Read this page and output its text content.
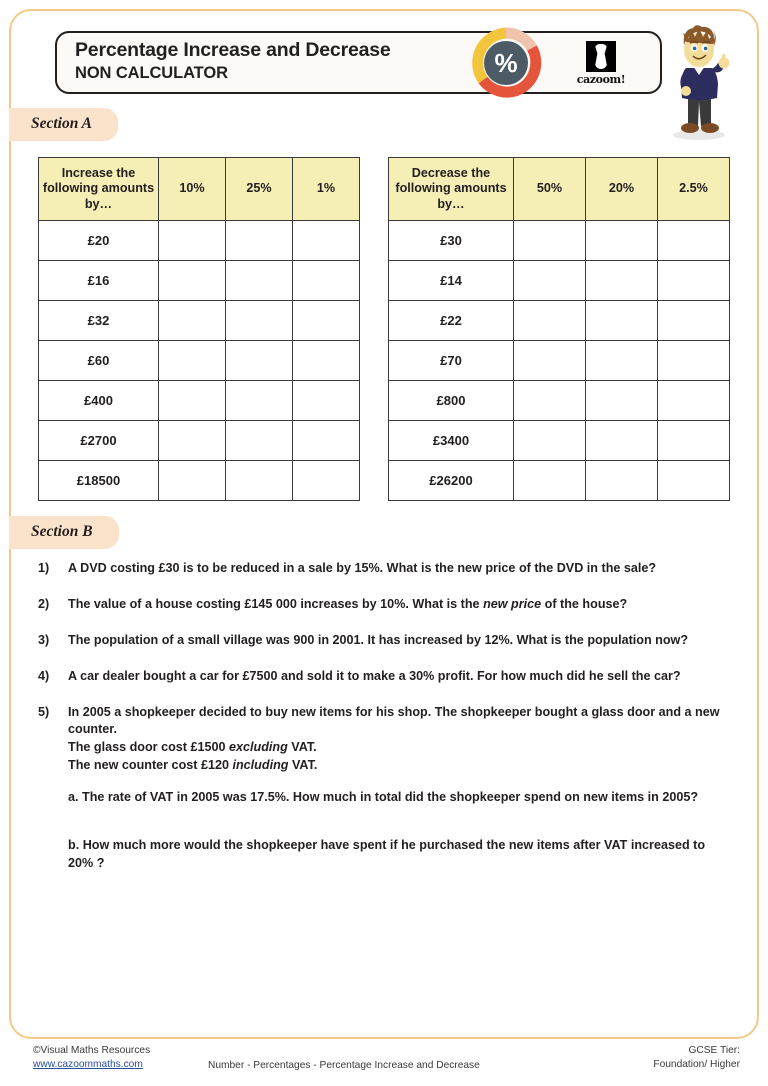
Percentage Increase and Decrease
NON CALCULATOR	%
cazoom!
Section A
Section B
Increase the following amounts by…	10%	25%	1%
£20			
£16			
£32			
£60			
£400			
£2700			
£18500			
Decrease the following amounts by…	50%	20%	2.5%
£30			
£14			
£22			
£70			
£800			
£3400			
£26200			
1)	A DVD costing £30 is to be reduced in a sale by 15%. What is the new price of the DVD in the sale?
2)	The value of a house costing £145 000 increases by 10%. What is the new price of the house?
3)	The population of a small village was 900 in 2001. It has increased by 12%. What is the population now?
4)	A car dealer bought a car for £7500 and sold it to make a 30% profit. For how much did he sell the car?
5)	In 2005 a shopkeeper decided to buy new items for his shop. The shopkeeper bought a glass door and a new counter.
The glass door cost £1500 excluding VAT.
The new counter cost £120 including VAT.
a. The rate of VAT in 2005 was 17.5%. How much in total did the shopkeeper spend on new items in 2005?
b. How much more would the shopkeeper have spent if he purchased the new items after VAT increased to 20% ?
©Visual Maths Resources
www.cazoommaths.com	Number - Percentages - Percentage Increase and Decrease
GCSE Tier:
Foundation/ Higher
